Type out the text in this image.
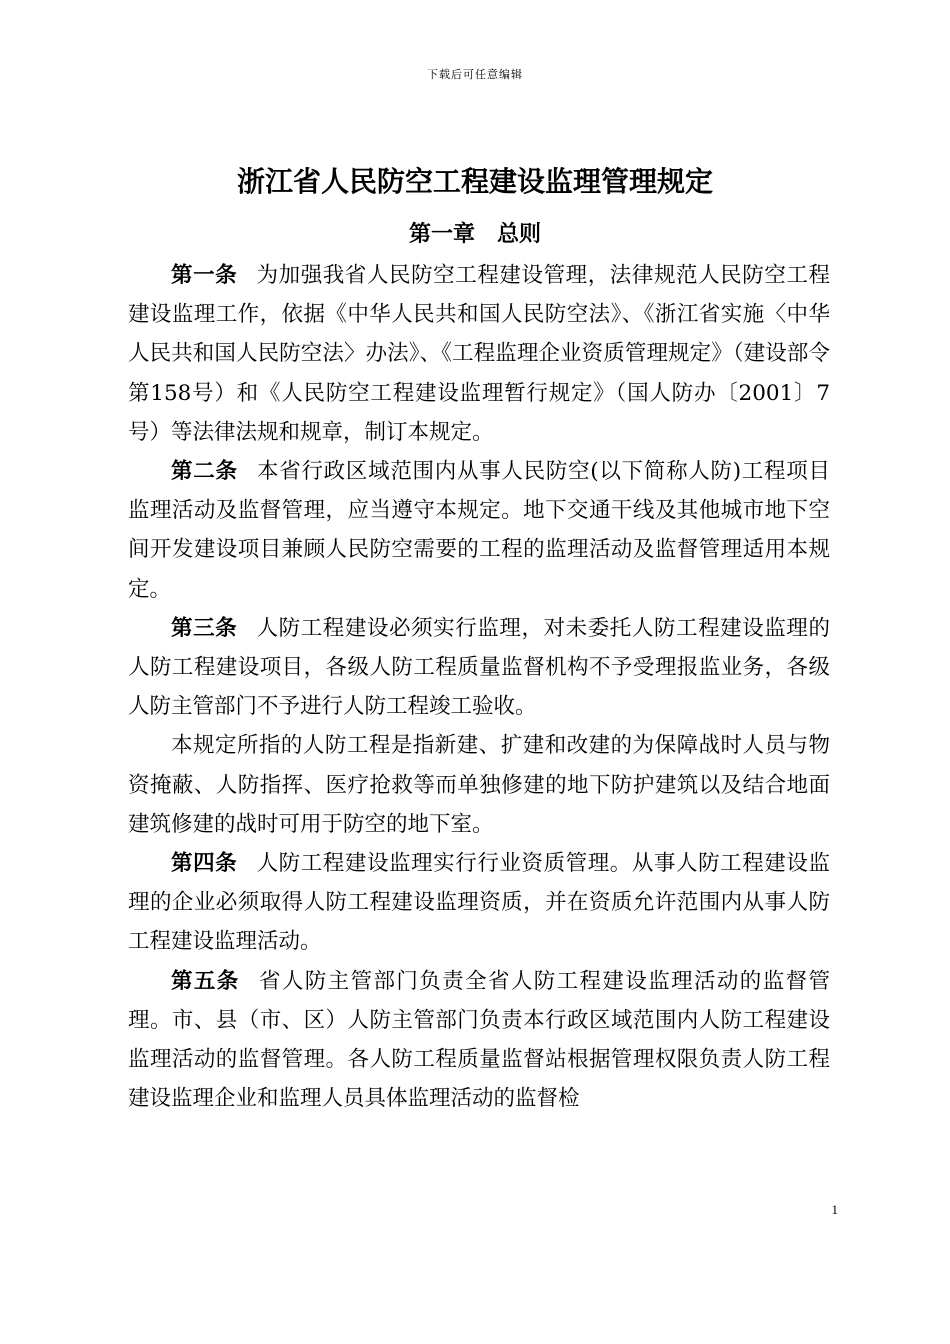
下载后可任意编辑
浙江省人民防空工程建设监理管理规定
第一章　总则

第一条 为加强我省人民防空工程建设管理，法律规范人民防空工程建设监理工作，依据《中华人民共和国人民防空法》、《浙江省实施〈中华人民共和国人民防空法〉办法》、《工程监理企业资质管理规定》（建设部令第158号）和《人民防空工程建设监理暂行规定》（国人防办〔2001〕7号）等法律法规和规章，制订本规定。

第二条 本省行政区域范围内从事人民防空(以下简称人防)工程项目监理活动及监督管理，应当遵守本规定。地下交通干线及其他城市地下空间开发建设项目兼顾人民防空需要的工程的监理活动及监督管理适用本规定。

第三条 人防工程建设必须实行监理，对未委托人防工程建设监理的人防工程建设项目，各级人防工程质量监督机构不予受理报监业务，各级人防主管部门不予进行人防工程竣工验收。

本规定所指的人防工程是指新建、扩建和改建的为保障战时人员与物资掩蔽、人防指挥、医疗抢救等而单独修建的地下防护建筑以及结合地面建筑修建的战时可用于防空的地下室。

第四条 人防工程建设监理实行行业资质管理。从事人防工程建设监理的企业必须取得人防工程建设监理资质，并在资质允许范围内从事人防工程建设监理活动。

第五条 省人防主管部门负责全省人防工程建设监理活动的监督管理。市、县（市、区）人防主管部门负责本行政区域范围内人防工程建设监理活动的监督管理。各人防工程质量监督站根据管理权限负责人防工程建设监理企业和监理人员具体监理活动的监督检

1
